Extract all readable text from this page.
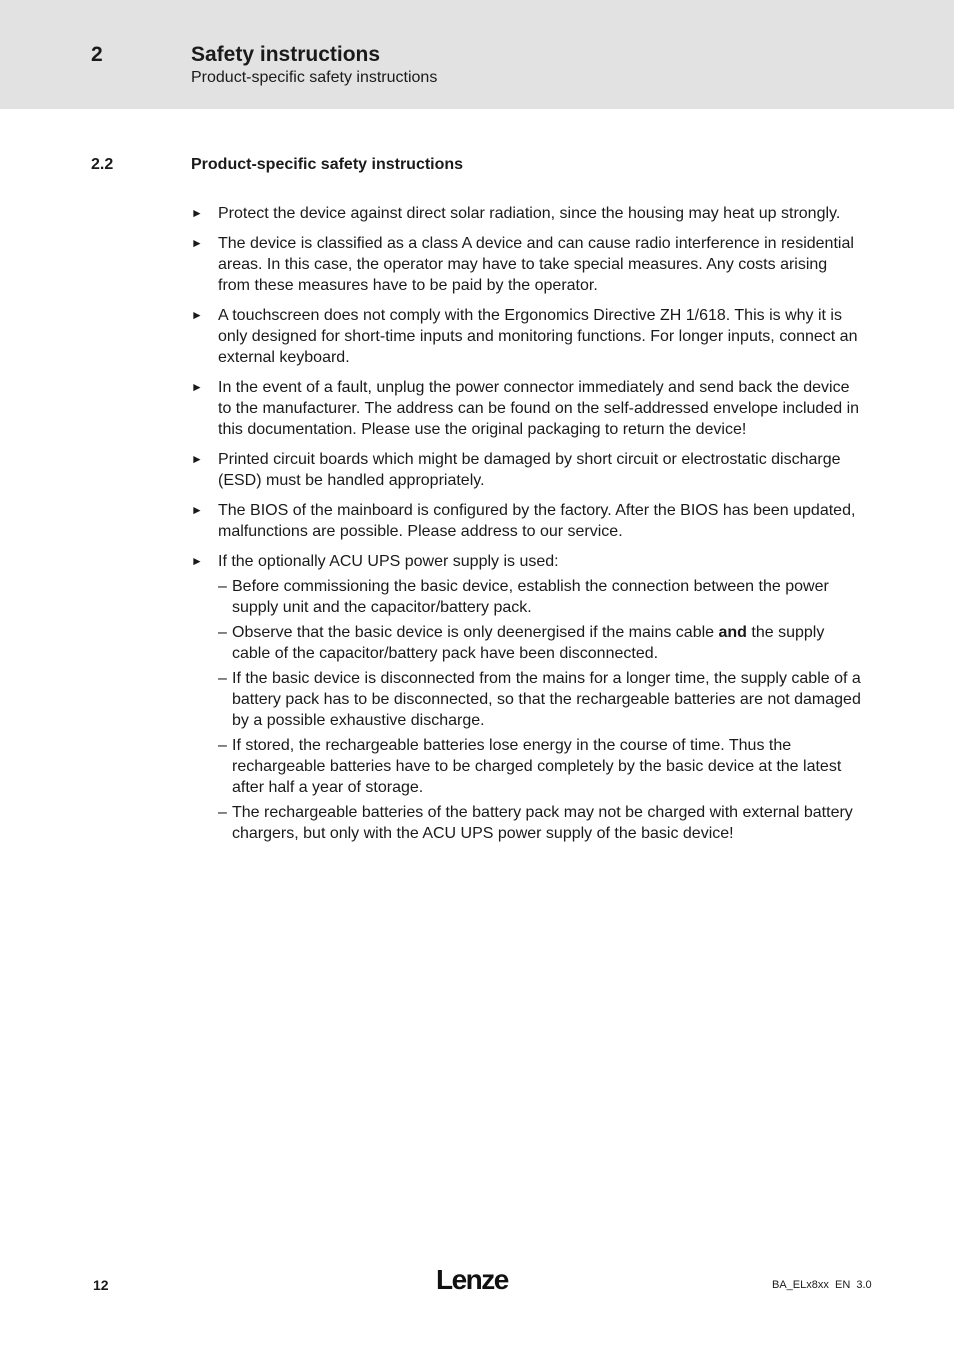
2	Safety instructions
Product-specific safety instructions
2.2	Product-specific safety instructions
► Protect the device against direct solar radiation, since the housing may heat up strongly.
► The device is classified as a class A device and can cause radio interference in residential areas. In this case, the operator may have to take special measures. Any costs arising from these measures have to be paid by the operator.
► A touchscreen does not comply with the Ergonomics Directive ZH 1/618. This is why it is only designed for short-time inputs and monitoring functions. For longer inputs, connect an external keyboard.
► In the event of a fault, unplug the power connector immediately and send back the device to the manufacturer. The address can be found on the self-addressed envelope included in this documentation. Please use the original packaging to return the device!
► Printed circuit boards which might be damaged by short circuit or electrostatic discharge (ESD) must be handled appropriately.
► The BIOS of the mainboard is configured by the factory. After the BIOS has been updated, malfunctions are possible. Please address to our service.
► If the optionally ACU UPS power supply is used:
– Before commissioning the basic device, establish the connection between the power supply unit and the capacitor/battery pack.
– Observe that the basic device is only deenergised if the mains cable and the supply cable of the capacitor/battery pack have been disconnected.
– If the basic device is disconnected from the mains for a longer time, the supply cable of a battery pack has to be disconnected, so that the rechargeable batteries are not damaged by a possible exhaustive discharge.
– If stored, the rechargeable batteries lose energy in the course of time. Thus the rechargeable batteries have to be charged completely by the basic device at the latest after half a year of storage.
– The rechargeable batteries of the battery pack may not be charged with external battery chargers, but only with the ACU UPS power supply of the basic device!
12	Lenze	BA_ELx8xx  EN  3.0
